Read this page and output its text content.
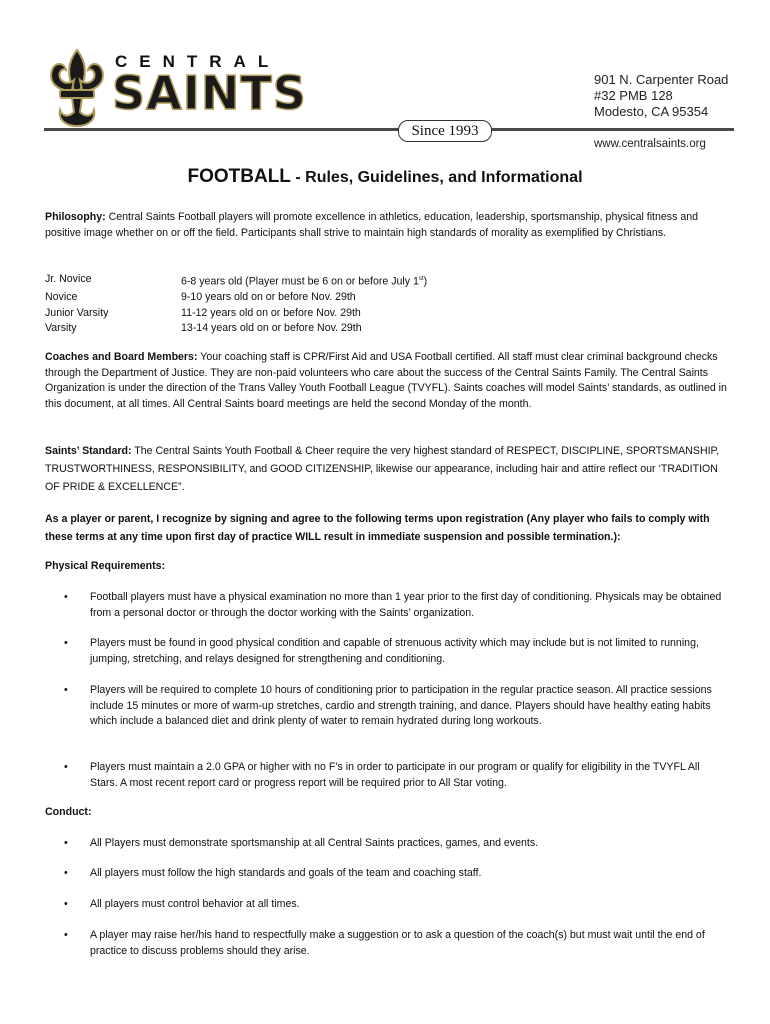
CENTRAL
SAINTS
Since 1993
901 N. Carpenter Road
#32 PMB 128
Modesto, CA 95354
www.centralsaints.org
FOOTBALL - Rules, Guidelines, and Informational

Philosophy: Central Saints Football players will promote excellence in athletics, education, leadership, sportsmanship, physical fitness and positive image whether on or off the field. Participants shall strive to maintain high standards of morality as exemplified by Christians.

Jr. Novice	6-8 years old (Player must be 6 on or before July 1st)
Novice	9-10 years old on or before Nov. 29th
Junior Varsity	11-12 years old on or before Nov. 29th
Varsity	13-14 years old on or before Nov. 29th

Coaches and Board Members: Your coaching staff is CPR/First Aid and USA Football certified. All staff must clear criminal background checks through the Department of Justice. They are non-paid volunteers who care about the success of the Central Saints Family. The Central Saints Organization is under the direction of the Trans Valley Youth Football League (TVYFL). Saints coaches will model Saints’ standards, as outlined in this document, at all times. All Central Saints board meetings are held the second Monday of the month.

Saints’ Standard: The Central Saints Youth Football & Cheer require the very highest standard of RESPECT, DISCIPLINE, SPORTSMANSHIP, TRUSTWORTHINESS, RESPONSIBILITY, and GOOD CITIZENSHIP, likewise our appearance, including hair and attire reflect our ‘TRADITION OF PRIDE & EXCELLENCE”.

As a player or parent, I recognize by signing and agree to the following terms upon registration (Any player who fails to comply with these terms at any time upon first day of practice WILL result in immediate suspension and possible termination.):

Physical Requirements:
•	Football players must have a physical examination no more than 1 year prior to the first day of conditioning. Physicals may be obtained from a personal doctor or through the doctor working with the Saints’ organization.
•	Players must be found in good physical condition and capable of strenuous activity which may include but is not limited to running, jumping, stretching, and relays designed for strengthening and conditioning.
•	Players will be required to complete 10 hours of conditioning prior to participation in the regular practice season. All practice sessions include 15 minutes or more of warm-up stretches, cardio and strength training, and dance. Players should have healthy eating habits which include a balanced diet and drink plenty of water to remain hydrated during long workouts.
•	Players must maintain a 2.0 GPA or higher with no F’s in order to participate in our program or qualify for eligibility in the TVYFL All Stars. A most recent report card or progress report will be required prior to All Star voting.
Conduct:
•	All Players must demonstrate sportsmanship at all Central Saints practices, games, and events.
•	All players must follow the high standards and goals of the team and coaching staff.
•	All players must control behavior at all times.
•	A player may raise her/his hand to respectfully make a suggestion or to ask a question of the coach(s) but must wait until the end of practice to discuss problems should they arise.
